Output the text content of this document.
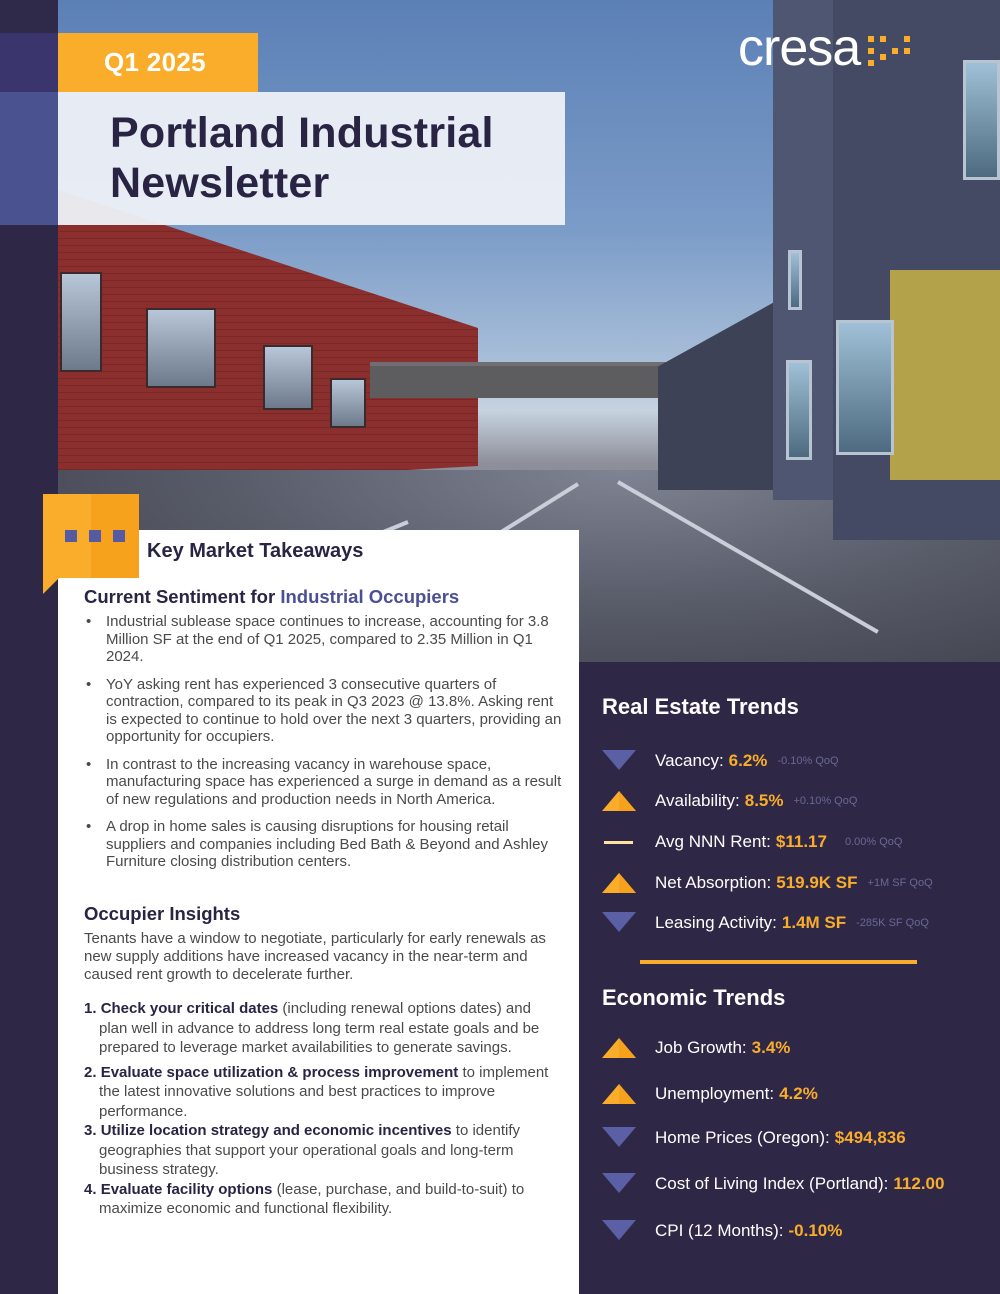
Q1 2025
Portland Industrial
Newsletter
cresa
Key Market Takeaways
Current Sentiment for Industrial Occupiers
• Industrial sublease space continues to increase, accounting for 3.8 Million SF at the end of Q1 2025, compared to 2.35 Million in Q1 2024.
• YoY asking rent has experienced 3 consecutive quarters of contraction, compared to its peak in Q3 2023 @ 13.8%. Asking rent is expected to continue to hold over the next 3 quarters, providing an opportunity for occupiers.
• In contrast to the increasing vacancy in warehouse space, manufacturing space has experienced a surge in demand as a result of new regulations and production needs in North America.
• A drop in home sales is causing disruptions for housing retail suppliers and companies including Bed Bath & Beyond and Ashley Furniture closing distribution centers.
Occupier Insights

Tenants have a window to negotiate, particularly for early renewals as new supply additions have increased vacancy in the near-term and caused rent growth to decelerate further.

1. Check your critical dates (including renewal options dates) and plan well in advance to address long term real estate goals and be prepared to leverage market availabilities to generate savings.
2. Evaluate space utilization & process improvement to implement the latest innovative solutions and best practices to improve performance.
3. Utilize location strategy and economic incentives to identify geographies that support your operational goals and long-term business strategy.
4. Evaluate facility options (lease, purchase, and build-to-suit) to maximize economic and functional flexibility.
Real Estate Trends
Vacancy: 6.2% -0.10% QoQ
Availability: 8.5% +0.10% QoQ
Avg NNN Rent: $11.17 0.00% QoQ
Net Absorption: 519.9K SF +1M SF QoQ
Leasing Activity: 1.4M SF -285K SF QoQ
Economic Trends
Job Growth: 3.4%
Unemployment: 4.2%
Home Prices (Oregon): $494,836
Cost of Living Index (Portland): 112.00
CPI (12 Months): -0.10%
